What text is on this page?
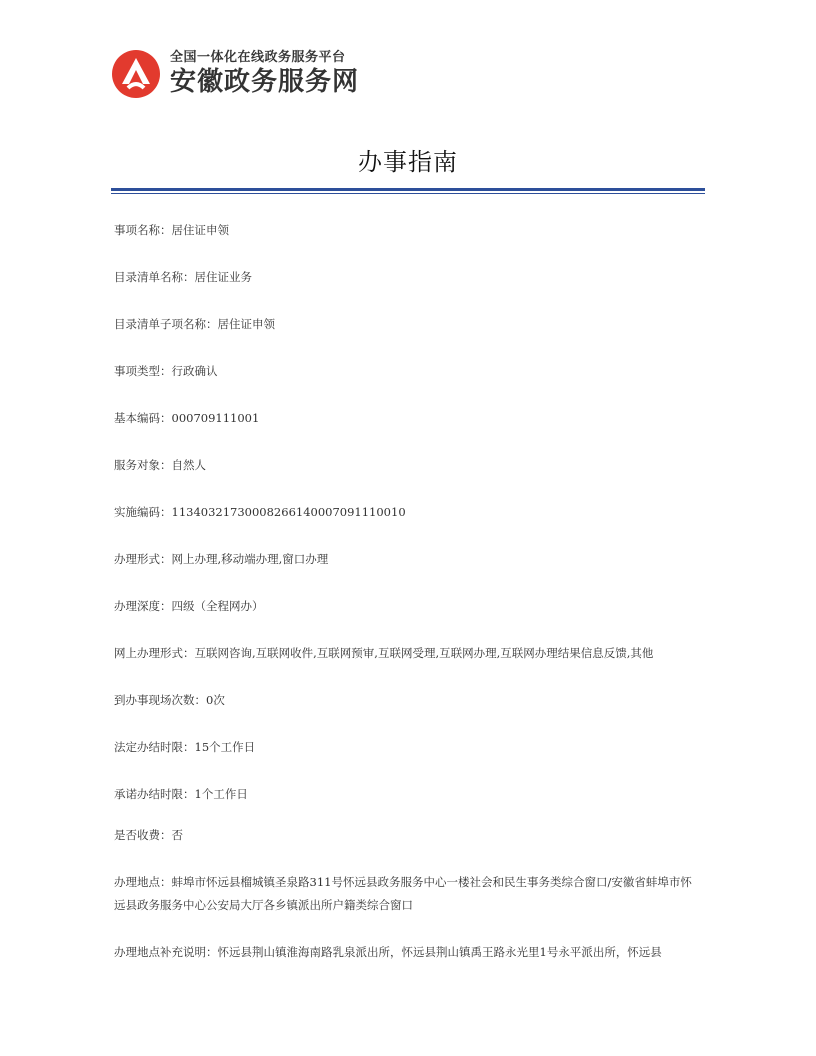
全国一体化在线政务服务平台
安徽政务服务网
办事指南
事项名称 ： 居住证申领
目录清单名称 ： 居住证业务
目录清单子项名称 ： 居住证申领
事项类型 ： 行政确认
基本编码 ： 000709111001
服务对象 ： 自然人
实施编码 ： 11340321730008266140007091110010
办理形式 ： 网上办理,移动端办理,窗口办理
办理深度 ： 四级（全程网办）
网上办理形式 ： 互联网咨询,互联网收件,互联网预审,互联网受理,互联网办理,互联网办理结果信息反馈,其他
到办事现场次数 ： 0次
法定办结时限 ： 15个工作日
承诺办结时限 ： 1个工作日
是否收费 ： 否
办理地点 ： 蚌埠市怀远县榴城镇圣泉路311号怀远县政务服务中心一楼社会和民生事务类综合窗口/安徽省蚌埠市怀远县政务服务中心公安局大厅各乡镇派出所户籍类综合窗口
办理地点补充说明 ： 怀远县荆山镇淮海南路乳泉派出所，怀远县荆山镇禹王路永光里1号永平派出所，怀远县
